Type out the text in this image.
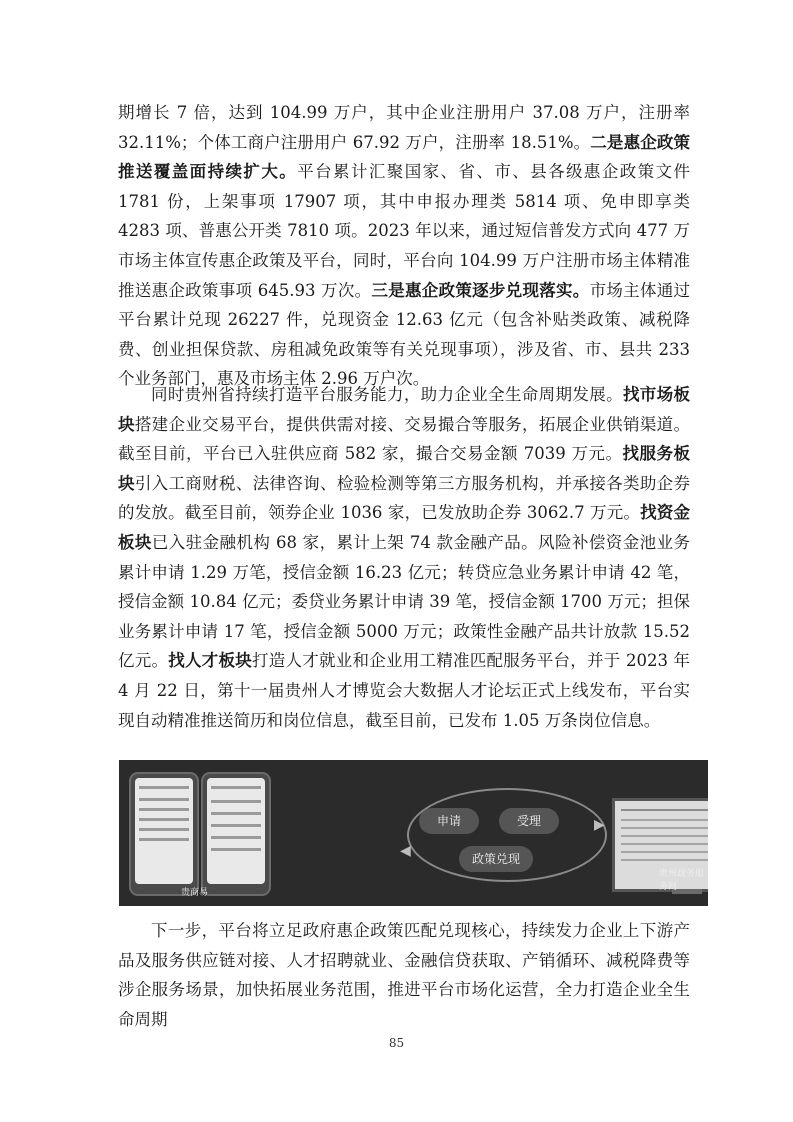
期增长 7 倍，达到 104.99 万户，其中企业注册用户 37.08 万户，注册率 32.11%；个体工商户注册用户 67.92 万户，注册率 18.51%。二是惠企政策推送覆盖面持续扩大。平台累计汇聚国家、省、市、县各级惠企政策文件 1781 份，上架事项 17907 项，其中申报办理类 5814 项、免申即享类 4283 项、普惠公开类 7810 项。2023 年以来，通过短信普发方式向 477 万市场主体宣传惠企政策及平台，同时，平台向 104.99 万户注册市场主体精准推送惠企政策事项 645.93 万次。三是惠企政策逐步兑现落实。市场主体通过平台累计兑现 26227 件，兑现资金 12.63 亿元（包含补贴类政策、减税降费、创业担保贷款、房租减免政策等有关兑现事项），涉及省、市、县共 233 个业务部门，惠及市场主体 2.96 万户次。

同时贵州省持续打造平台服务能力，助力企业全生命周期发展。找市场板块搭建企业交易平台，提供供需对接、交易撮合等服务，拓展企业供销渠道。截至目前，平台已入驻供应商 582 家，撮合交易金额 7039 万元。找服务板块引入工商财税、法律咨询、检验检测等第三方服务机构，并承接各类助企券的发放。截至目前，领券企业 1036 家，已发放助企券 3062.7 万元。找资金板块已入驻金融机构 68 家，累计上架 74 款金融产品。风险补偿资金池业务累计申请 1.29 万笔，授信金额 16.23 亿元；转贷应急业务累计申请 42 笔，授信金额 10.84 亿元；委贷业务累计申请 39 笔，授信金额 1700 万元；担保业务累计申请 17 笔，授信金额 5000 万元；政策性金融产品共计放款 15.52 亿元。找人才板块打造人才就业和企业用工精准匹配服务平台，并于 2023 年 4 月 22 日，第十一届贵州人才博览会大数据人才论坛正式上线发布，平台实现自动精准推送简历和岗位信息，截至目前，已发布 1.05 万条岗位信息。

贵商易
▶
◀
申请	受理
政策兑现
贵州政务服务网

下一步，平台将立足政府惠企政策匹配兑现核心，持续发力企业上下游产品及服务供应链对接、人才招聘就业、金融信贷获取、产销循环、减税降费等涉企服务场景，加快拓展业务范围，推进平台市场化运营，全力打造企业全生命周期

85
